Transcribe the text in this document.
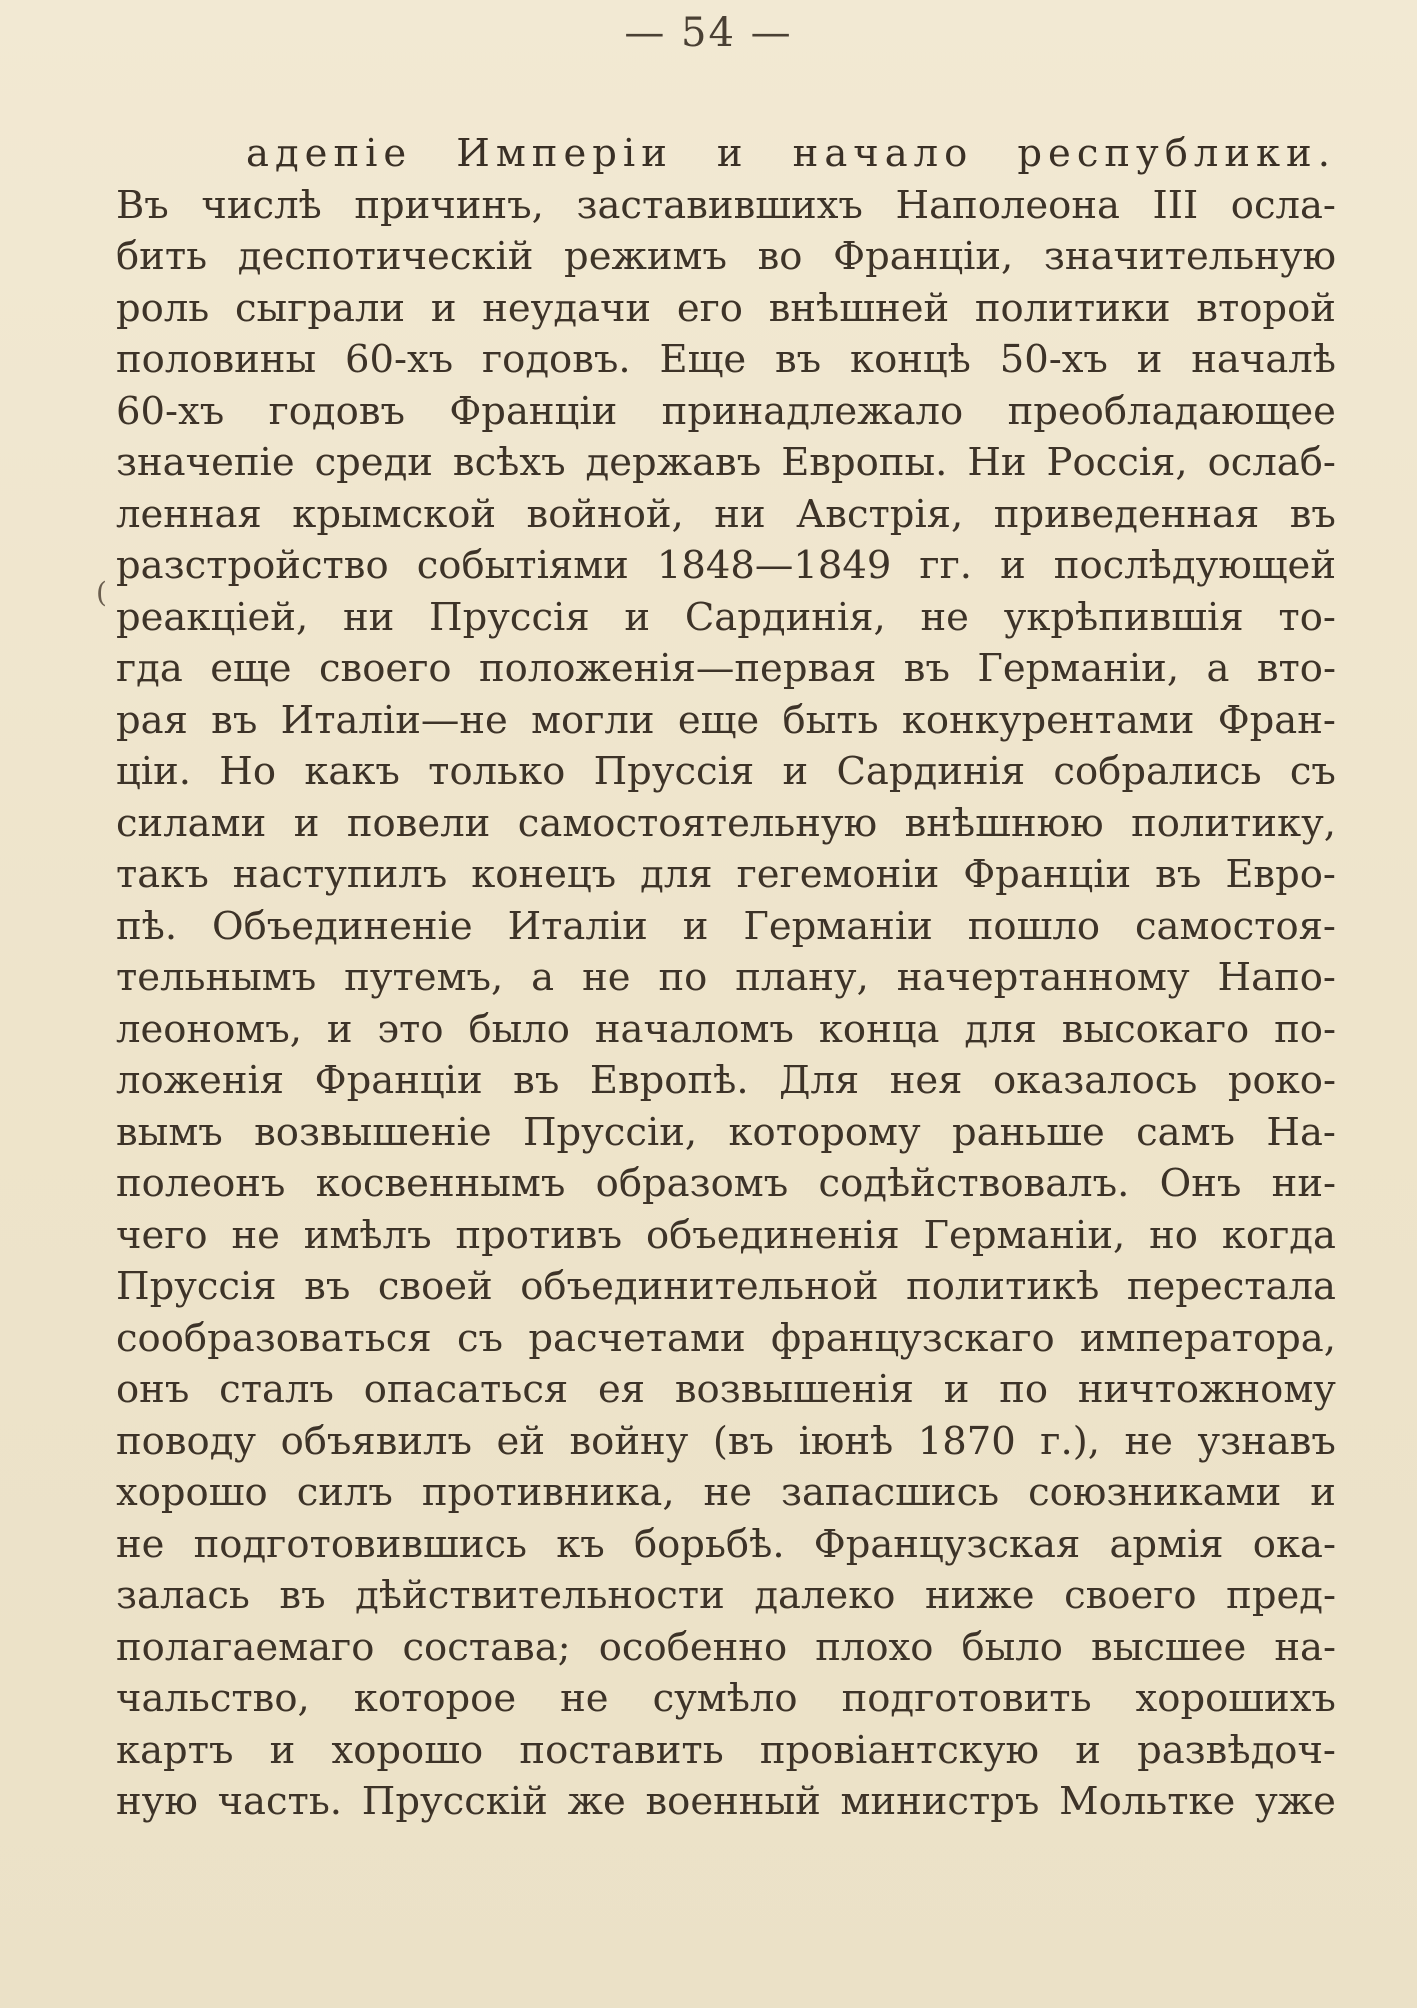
— 54 —
(
адепіе Имперіи и начало республики.
Въ числѣ причинъ, заставившихъ Наполеона III осла-
бить деспотическій режимъ во Франціи, значительную
роль сыграли и неудачи его внѣшней политики второй
половины 60-хъ годовъ. Еще въ концѣ 50-хъ и началѣ
60-хъ годовъ Франціи принадлежало преобладающее
значепіе среди всѣхъ державъ Европы. Ни Россія, ослаб-
ленная крымской войной, ни Австрія, приведенная въ
разстройство событіями 1848—1849 гг. и послѣдующей
реакціей, ни Пруссія и Сардинія, не укрѣпившія то-
гда еще своего положенія—первая въ Германіи, а вто-
рая въ Италіи—не могли еще быть конкурентами Фран-
ціи. Но какъ только Пруссія и Сардинія собрались съ
силами и повели самостоятельную внѣшнюю политику,
такъ наступилъ конецъ для гегемоніи Франціи въ Евро-
пѣ. Объединеніе Италіи и Германіи пошло самостоя-
тельнымъ путемъ, а не по плану, начертанному Напо-
леономъ, и это было началомъ конца для высокаго по-
ложенія Франціи въ Европѣ. Для нея оказалось роко-
вымъ возвышеніе Пруссіи, которому раньше самъ На-
полеонъ косвеннымъ образомъ содѣйствовалъ. Онъ ни-
чего не имѣлъ противъ объединенія Германіи, но когда
Пруссія въ своей объединительной политикѣ перестала
сообразоваться съ расчетами французскаго императора,
онъ сталъ опасаться ея возвышенія и по ничтожному
поводу объявилъ ей войну (въ іюнѣ 1870 г.), не узнавъ
хорошо силъ противника, не запасшись союзниками и
не подготовившись къ борьбѣ. Французская армія ока-
залась въ дѣйствительности далеко ниже своего пред-
полагаемаго состава; особенно плохо было высшее на-
чальство, которое не сумѣло подготовить хорошихъ
картъ и хорошо поставить провіантскую и развѣдоч-
ную часть. Прусскій же военный министръ Мольтке уже
